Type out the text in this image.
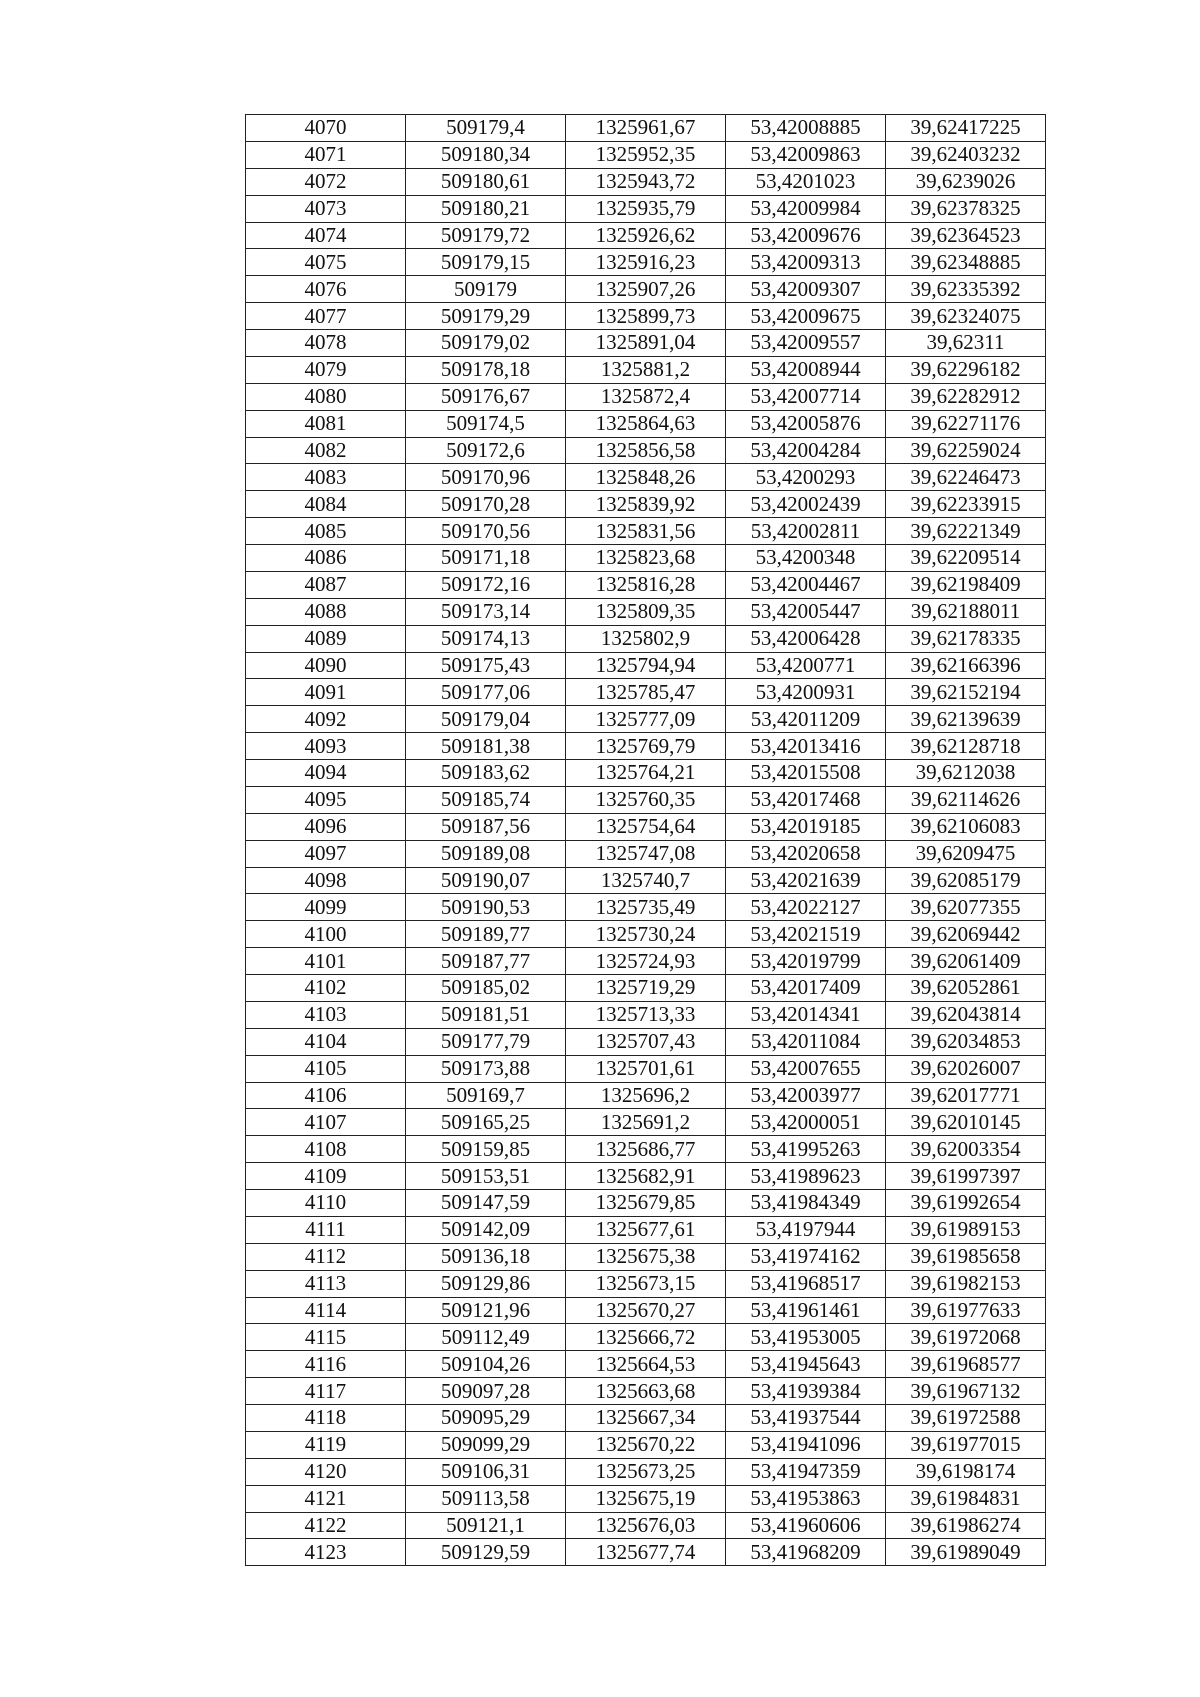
4070	509179,4	1325961,67	53,42008885	39,62417225
4071	509180,34	1325952,35	53,42009863	39,62403232
4072	509180,61	1325943,72	53,4201023	39,6239026
4073	509180,21	1325935,79	53,42009984	39,62378325
4074	509179,72	1325926,62	53,42009676	39,62364523
4075	509179,15	1325916,23	53,42009313	39,62348885
4076	509179	1325907,26	53,42009307	39,62335392
4077	509179,29	1325899,73	53,42009675	39,62324075
4078	509179,02	1325891,04	53,42009557	39,62311
4079	509178,18	1325881,2	53,42008944	39,62296182
4080	509176,67	1325872,4	53,42007714	39,62282912
4081	509174,5	1325864,63	53,42005876	39,62271176
4082	509172,6	1325856,58	53,42004284	39,62259024
4083	509170,96	1325848,26	53,4200293	39,62246473
4084	509170,28	1325839,92	53,42002439	39,62233915
4085	509170,56	1325831,56	53,42002811	39,62221349
4086	509171,18	1325823,68	53,4200348	39,62209514
4087	509172,16	1325816,28	53,42004467	39,62198409
4088	509173,14	1325809,35	53,42005447	39,62188011
4089	509174,13	1325802,9	53,42006428	39,62178335
4090	509175,43	1325794,94	53,4200771	39,62166396
4091	509177,06	1325785,47	53,4200931	39,62152194
4092	509179,04	1325777,09	53,42011209	39,62139639
4093	509181,38	1325769,79	53,42013416	39,62128718
4094	509183,62	1325764,21	53,42015508	39,6212038
4095	509185,74	1325760,35	53,42017468	39,62114626
4096	509187,56	1325754,64	53,42019185	39,62106083
4097	509189,08	1325747,08	53,42020658	39,6209475
4098	509190,07	1325740,7	53,42021639	39,62085179
4099	509190,53	1325735,49	53,42022127	39,62077355
4100	509189,77	1325730,24	53,42021519	39,62069442
4101	509187,77	1325724,93	53,42019799	39,62061409
4102	509185,02	1325719,29	53,42017409	39,62052861
4103	509181,51	1325713,33	53,42014341	39,62043814
4104	509177,79	1325707,43	53,42011084	39,62034853
4105	509173,88	1325701,61	53,42007655	39,62026007
4106	509169,7	1325696,2	53,42003977	39,62017771
4107	509165,25	1325691,2	53,42000051	39,62010145
4108	509159,85	1325686,77	53,41995263	39,62003354
4109	509153,51	1325682,91	53,41989623	39,61997397
4110	509147,59	1325679,85	53,41984349	39,61992654
4111	509142,09	1325677,61	53,4197944	39,61989153
4112	509136,18	1325675,38	53,41974162	39,61985658
4113	509129,86	1325673,15	53,41968517	39,61982153
4114	509121,96	1325670,27	53,41961461	39,61977633
4115	509112,49	1325666,72	53,41953005	39,61972068
4116	509104,26	1325664,53	53,41945643	39,61968577
4117	509097,28	1325663,68	53,41939384	39,61967132
4118	509095,29	1325667,34	53,41937544	39,61972588
4119	509099,29	1325670,22	53,41941096	39,61977015
4120	509106,31	1325673,25	53,41947359	39,6198174
4121	509113,58	1325675,19	53,41953863	39,61984831
4122	509121,1	1325676,03	53,41960606	39,61986274
4123	509129,59	1325677,74	53,41968209	39,61989049
